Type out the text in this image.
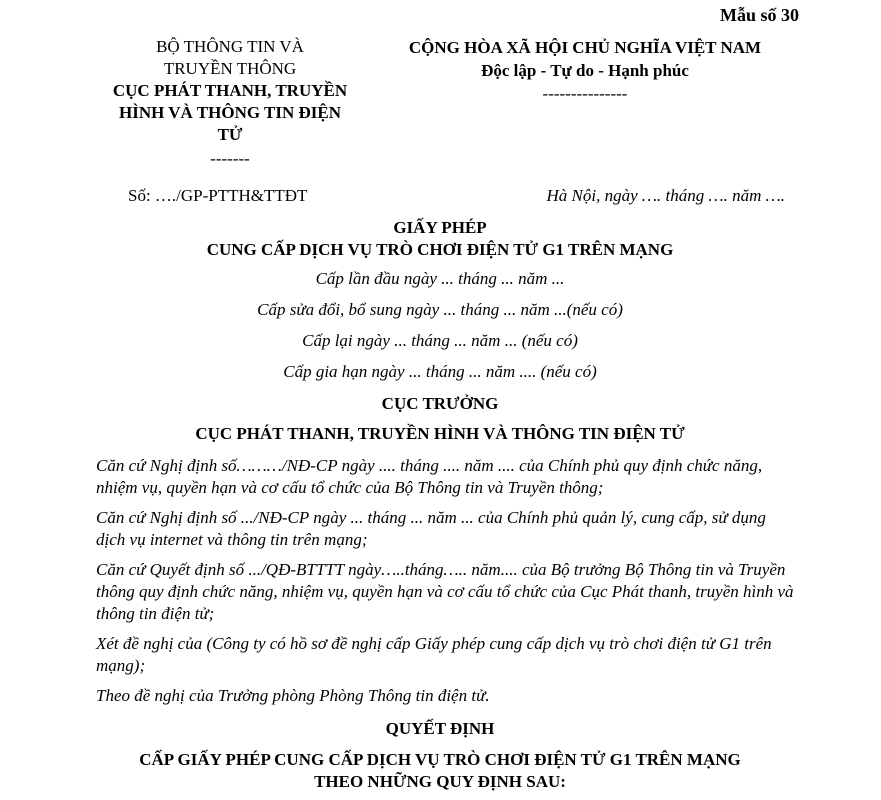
Mẫu số 30
BỘ THÔNG TIN VÀ
TRUYỀN THÔNG
CỤC PHÁT THANH, TRUYỀN
HÌNH VÀ THÔNG TIN ĐIỆN
TỬ
-------
CỘNG HÒA XÃ HỘI CHỦ NGHĨA VIỆT NAM
Độc lập - Tự do - Hạnh phúc
---------------
Số: …./GP-PTTH&TTĐT	Hà Nội, ngày …. tháng …. năm ….
GIẤY PHÉP
CUNG CẤP DỊCH VỤ TRÒ CHƠI ĐIỆN TỬ G1 TRÊN MẠNG
Cấp lần đầu ngày ... tháng ... năm ...
Cấp sửa đổi, bổ sung ngày ... tháng ... năm ...(nếu có)
Cấp lại ngày ... tháng ... năm ... (nếu có)
Cấp gia hạn ngày ... tháng ... năm .... (nếu có)
CỤC TRƯỞNG
CỤC PHÁT THANH, TRUYỀN HÌNH VÀ THÔNG TIN ĐIỆN TỬ

Căn cứ Nghị định số………/NĐ-CP ngày .... tháng .... năm .... của Chính phủ quy định chức năng, nhiệm vụ, quyền hạn và cơ cấu tổ chức của Bộ Thông tin và Truyền thông;

Căn cứ Nghị định số .../NĐ-CP ngày ... tháng ... năm ... của Chính phủ quản lý, cung cấp, sử dụng dịch vụ internet và thông tin trên mạng;

Căn cứ Quyết định số .../QĐ-BTTTT ngày…..tháng….. năm.... của Bộ trưởng Bộ Thông tin và Truyền thông quy định chức năng, nhiệm vụ, quyền hạn và cơ cấu tổ chức của Cục Phát thanh, truyền hình và thông tin điện tử;

Xét đề nghị của (Công ty có hồ sơ đề nghị cấp Giấy phép cung cấp dịch vụ trò chơi điện tử G1 trên mạng);

Theo đề nghị của Trưởng phòng Phòng Thông tin điện tử.

QUYẾT ĐỊNH
CẤP GIẤY PHÉP CUNG CẤP DỊCH VỤ TRÒ CHƠI ĐIỆN TỬ G1 TRÊN MẠNG
THEO NHỮNG QUY ĐỊNH SAU:
